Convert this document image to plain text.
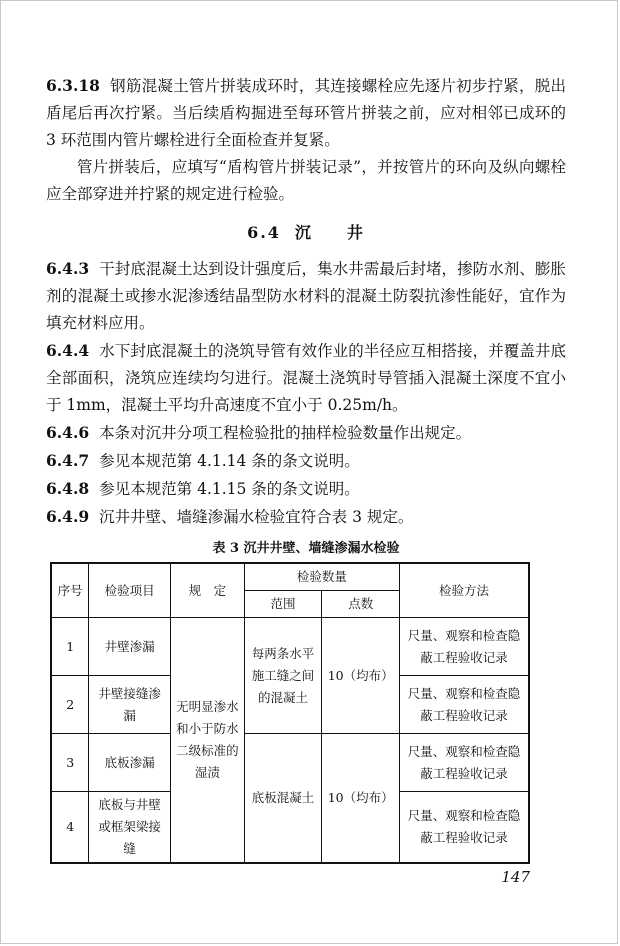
6.3.18 钢筋混凝土管片拼装成环时，其连接螺栓应先逐片初步拧紧，脱出盾尾后再次拧紧。当后续盾构掘进至每环管片拼装之前，应对相邻已成环的 3 环范围内管片螺栓进行全面检查并复紧。

管片拼装后，应填写“盾构管片拼装记录”，并按管片的环向及纵向螺栓应全部穿进并拧紧的规定进行检验。

6.4 沉 井

6.4.3 干封底混凝土达到设计强度后，集水井需最后封堵，掺防水剂、膨胀剂的混凝土或掺水泥渗透结晶型防水材料的混凝土防裂抗渗性能好，宜作为填充材料应用。

6.4.4 水下封底混凝土的浇筑导管有效作业的半径应互相搭接，并覆盖井底全部面积，浇筑应连续均匀进行。混凝土浇筑时导管插入混凝土深度不宜小于 1mm，混凝土平均升高速度不宜小于 0.25m/h。

6.4.6 本条对沉井分项工程检验批的抽样检验数量作出规定。

6.4.7 参见本规范第 4.1.14 条的条文说明。

6.4.8 参见本规范第 4.1.15 条的条文说明。

6.4.9 沉井井壁、墙缝渗漏水检验宜符合表 3 规定。

表 3 沉井井壁、墙缝渗漏水检验
序号	检验项目	规　定	检验数量		检验方法
			范围	点数	
1	井壁渗漏	无明显渗水和小于防水二级标准的湿渍	每两条水平施工缝之间的混凝土	10（均布）	尺量、观察和检查隐蔽工程验收记录
2	井壁接缝渗漏				尺量、观察和检查隐蔽工程验收记录
3	底板渗漏		底板混凝土	10（均布）	尺量、观察和检查隐蔽工程验收记录
4	底板与井壁或框架梁接缝				尺量、观察和检查隐蔽工程验收记录
147
